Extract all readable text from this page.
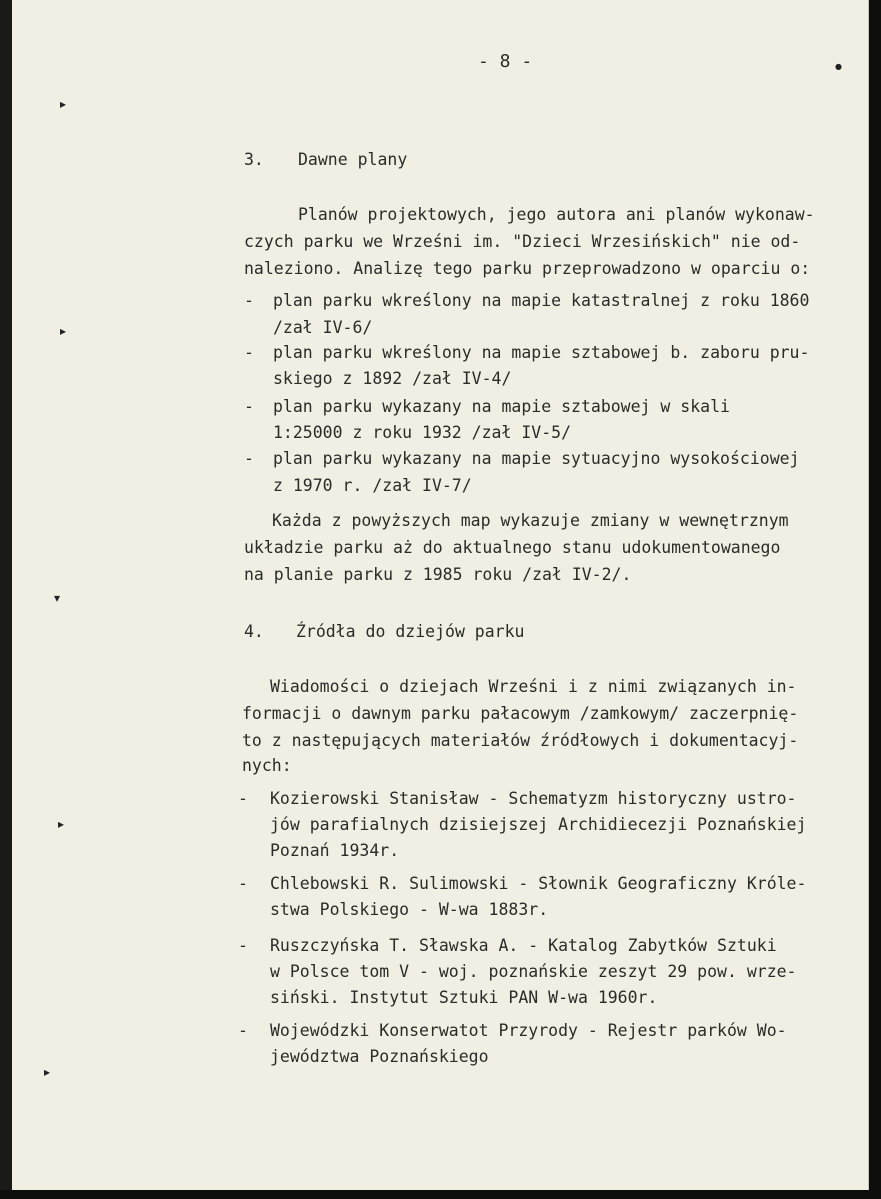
- 8 -
3. Dawne plany
Planów projektowych, jego autora ani planów wykonaw-
czych parku we Wrześni im. "Dzieci Wrzesińskich" nie od-
naleziono. Analizę tego parku przeprowadzono w oparciu o:
- plan parku wkreślony na mapie katastralnej z roku 1860
/zał IV-6/
- plan parku wkreślony na mapie sztabowej b. zaboru pru-
skiego z 1892 /zał IV-4/
- plan parku wykazany na mapie sztabowej w skali
1:25000 z roku 1932 /zał IV-5/
- plan parku wykazany na mapie sytuacyjno wysokościowej
z 1970 r. /zał IV-7/
Każda z powyższych map wykazuje zmiany w wewnętrznym
układzie parku aż do aktualnego stanu udokumentowanego
na planie parku z 1985 roku /zał IV-2/.
4. Źródła do dziejów parku
Wiadomości o dziejach Wrześni i z nimi związanych in-
formacji o dawnym parku pałacowym /zamkowym/ zaczerpnię-
to z następujących materiałów źródłowych i dokumentacyj-
nych:
- Kozierowski Stanisław - Schematyzm historyczny ustro-
jów parafialnych dzisiejszej Archidiecezji Poznańskiej
Poznań 1934r.
- Chlebowski R. Sulimowski - Słownik Geograficzny Króle-
stwa Polskiego - W-wa 1883r.
- Ruszczyńska T. Sławska A. - Katalog Zabytków Sztuki
w Polsce tom V - woj. poznańskie zeszyt 29 pow. wrze-
siński. Instytut Sztuki PAN W-wa 1960r.
- Wojewódzki Konserwatot Przyrody - Rejestr parków Wo-
jewództwa Poznańskiego
▸
▸
▾
▸
▸
●
